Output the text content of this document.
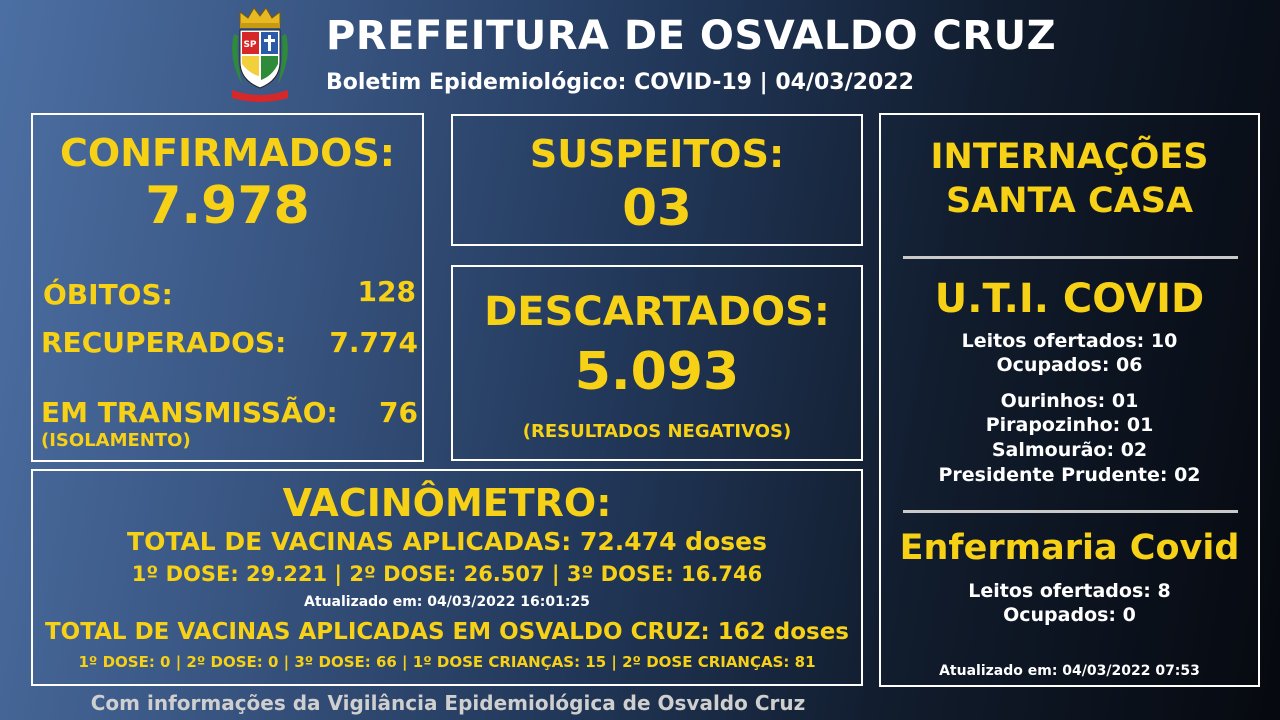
SP PREFEITURA DE OSVALDO CRUZ
Boletim Epidemiológico: COVID-19 | 04/03/2022
CONFIRMADOS:
7.978
ÓBITOS:	128
RECUPERADOS: 7.774
EM TRANSMISSÃO: 76
(ISOLAMENTO)
SUSPEITOS:
03
DESCARTADOS:
5.093
(RESULTADOS NEGATIVOS)
VACINÔMETRO:
TOTAL DE VACINAS APLICADAS: 72.474 doses
1º DOSE: 29.221 | 2º DOSE: 26.507 | 3º DOSE: 16.746
Atualizado em: 04/03/2022 16:01:25
TOTAL DE VACINAS APLICADAS EM OSVALDO CRUZ: 162 doses
1º DOSE: 0 | 2º DOSE: 0 | 3º DOSE: 66 | 1º DOSE CRIANÇAS: 15 | 2º DOSE CRIANÇAS: 81
INTERNAÇÕES
SANTA CASA
U.T.I. COVID
Leitos ofertados: 10
Ocupados: 06
Ourinhos: 01
Pirapozinho: 01
Salmourão: 02
Presidente Prudente: 02
Enfermaria Covid
Leitos ofertados: 8
Ocupados: 0
Atualizado em: 04/03/2022 07:53
Com informações da Vigilância Epidemiológica de Osvaldo Cruz
